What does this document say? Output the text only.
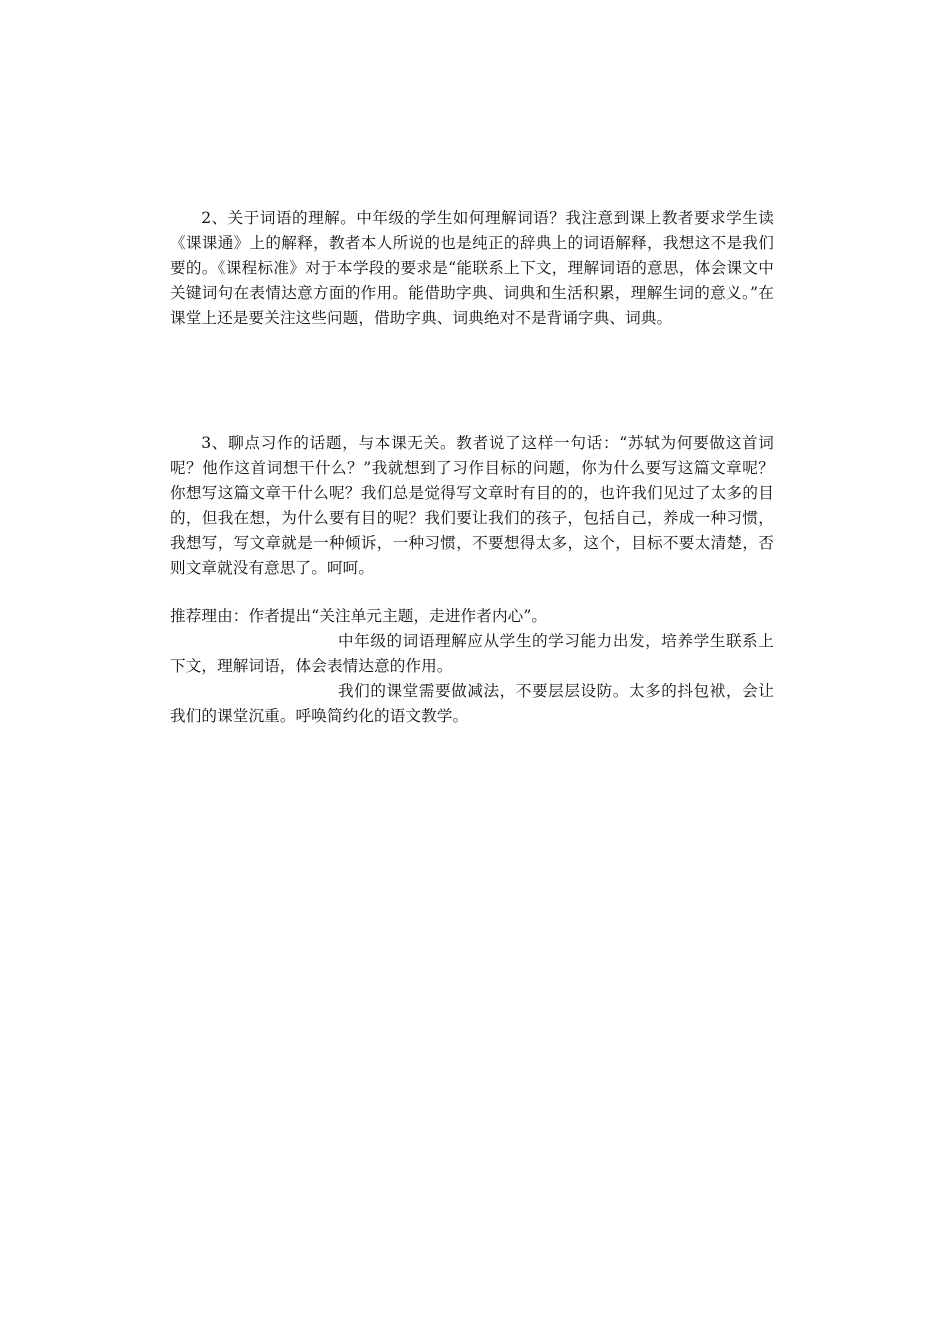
2、关于词语的理解。中年级的学生如何理解词语？我注意到课上教者要求学生读《课课通》上的解释，教者本人所说的也是纯正的辞典上的词语解释，我想这不是我们要的。《课程标准》对于本学段的要求是“能联系上下文，理解词语的意思，体会课文中关键词句在表情达意方面的作用。能借助字典、词典和生活积累，理解生词的意义。”在课堂上还是要关注这些问题，借助字典、词典绝对不是背诵字典、词典。

3、聊点习作的话题，与本课无关。教者说了这样一句话：“苏轼为何要做这首词呢？他作这首词想干什么？”我就想到了习作目标的问题，你为什么要写这篇文章呢？你想写这篇文章干什么呢？我们总是觉得写文章时有目的的，也许我们见过了太多的目的，但我在想，为什么要有目的呢？我们要让我们的孩子，包括自己，养成一种习惯，我想写，写文章就是一种倾诉，一种习惯，不要想得太多，这个，目标不要太清楚，否则文章就没有意思了。呵呵。

推荐理由：作者提出“关注单元主题，走进作者内心”。

中年级的词语理解应从学生的学习能力出发，培养学生联系上下文，理解词语，体会表情达意的作用。

我们的课堂需要做减法，不要层层设防。太多的抖包袱，会让我们的课堂沉重。呼唤简约化的语文教学。
